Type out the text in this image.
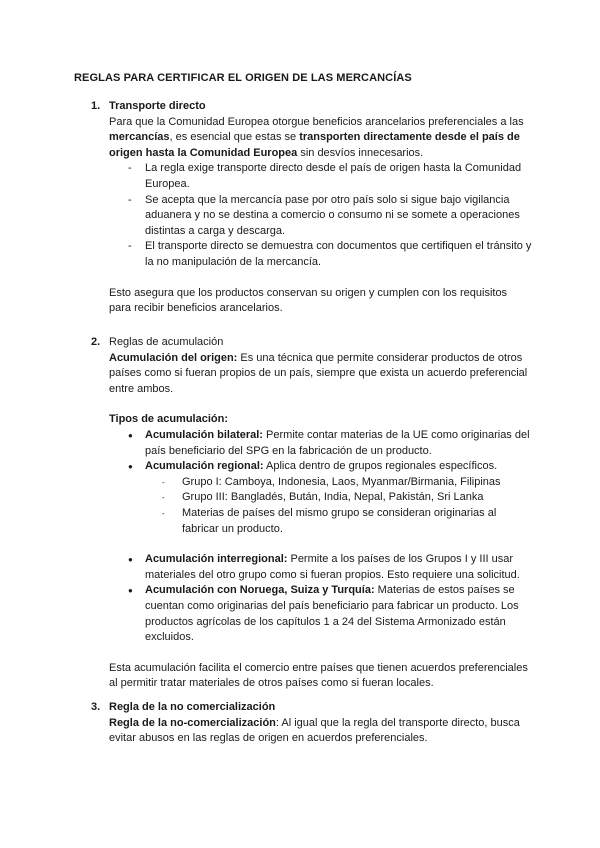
REGLAS PARA CERTIFICAR EL ORIGEN DE LAS MERCANCÍAS
1. Transporte directo
Para que la Comunidad Europea otorgue beneficios arancelarios preferenciales a las mercancías, es esencial que estas se transporten directamente desde el país de origen hasta la Comunidad Europea sin desvíos innecesarios.
- La regla exige transporte directo desde el país de origen hasta la Comunidad Europea.
- Se acepta que la mercancía pase por otro país solo si sigue bajo vigilancia aduanera y no se destina a comercio o consumo ni se somete a operaciones distintas a carga y descarga.
- El transporte directo se demuestra con documentos que certifiquen el tránsito y la no manipulación de la mercancía.
Esto asegura que los productos conservan su origen y cumplen con los requisitos para recibir beneficios arancelarios.
2. Reglas de acumulación
Acumulación del origen: Es una técnica que permite considerar productos de otros países como si fueran propios de un país, siempre que exista un acuerdo preferencial entre ambos.
Tipos de acumulación:
● Acumulación bilateral: Permite contar materias de la UE como originarias del país beneficiario del SPG en la fabricación de un producto.
● Acumulación regional: Aplica dentro de grupos regionales específicos.
- Grupo I: Camboya, Indonesia, Laos, Myanmar/Birmania, Filipinas
- Grupo III: Bangladés, Bután, India, Nepal, Pakistán, Sri Lanka
- Materias de países del mismo grupo se consideran originarias al fabricar un producto.
● Acumulación interregional: Permite a los países de los Grupos I y III usar materiales del otro grupo como si fueran propios. Esto requiere una solicitud.
● Acumulación con Noruega, Suiza y Turquía: Materias de estos países se cuentan como originarias del país beneficiario para fabricar un producto. Los productos agrícolas de los capítulos 1 a 24 del Sistema Armonizado están excluidos.
Esta acumulación facilita el comercio entre países que tienen acuerdos preferenciales al permitir tratar materiales de otros países como si fueran locales.
3. Regla de la no comercialización
Regla de la no-comercialización: Al igual que la regla del transporte directo, busca evitar abusos en las reglas de origen en acuerdos preferenciales.
